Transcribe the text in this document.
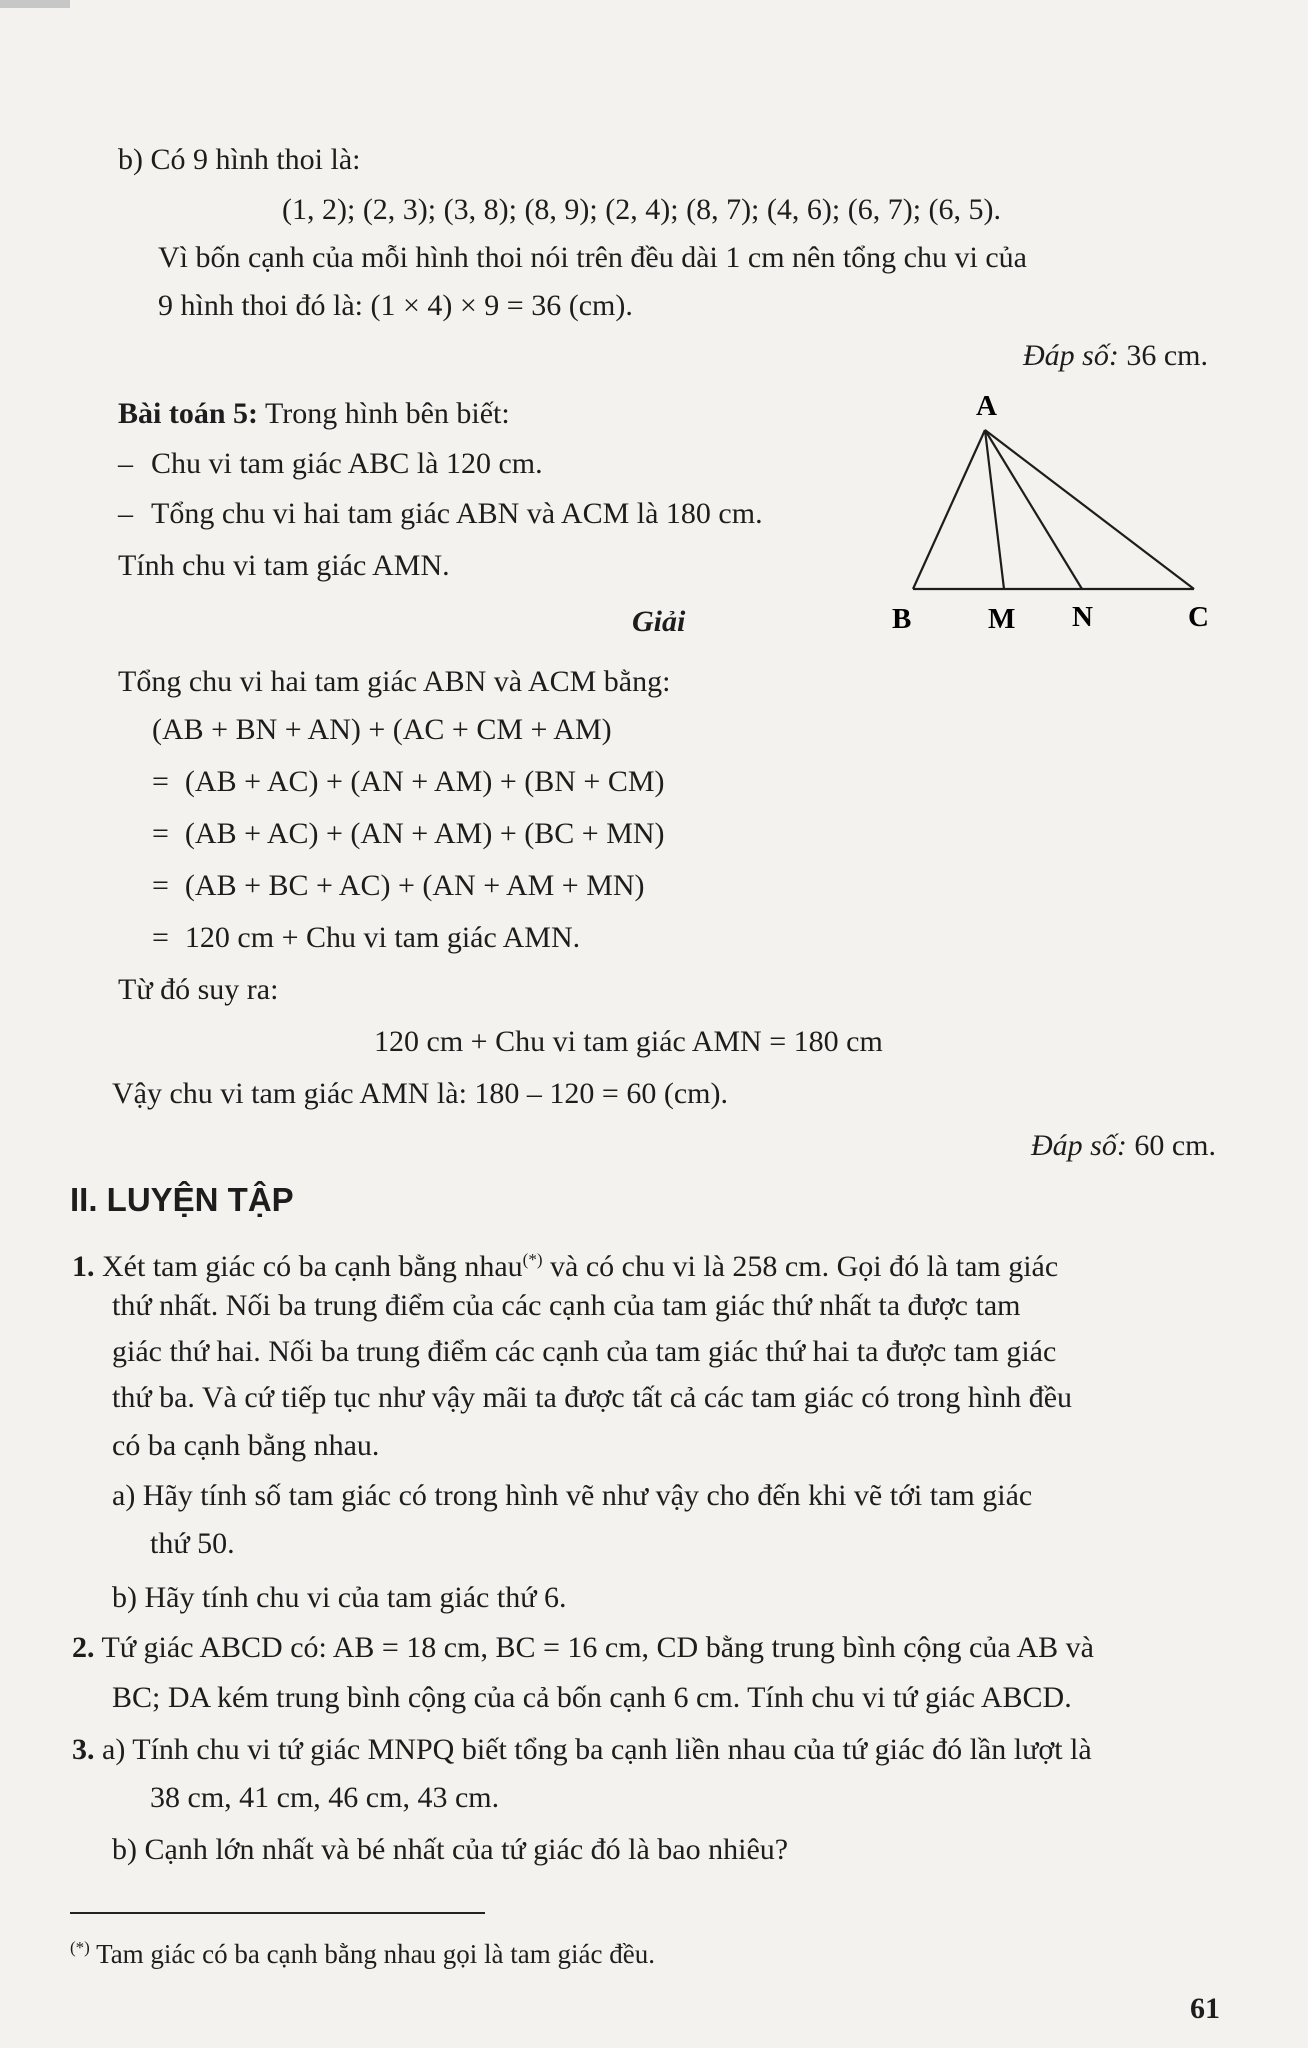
b) Có 9 hình thoi là:
(1, 2); (2, 3); (3, 8); (8, 9); (2, 4); (8, 7); (4, 6); (6, 7); (6, 5).
Vì bốn cạnh của mỗi hình thoi nói trên đều dài 1 cm nên tổng chu vi của
9 hình thoi đó là: (1 × 4) × 9 = 36 (cm).
Đáp số: 36 cm.
Bài toán 5: Trong hình bên biết:
– Chu vi tam giác ABC là 120 cm.
– Tổng chu vi hai tam giác ABN và ACM là 180 cm.
Tính chu vi tam giác AMN.
Giải
A
B	M N	C
Tổng chu vi hai tam giác ABN và ACM bằng:
(AB + BN + AN) + (AC + CM + AM)
= (AB + AC) + (AN + AM) + (BN + CM)
= (AB + AC) + (AN + AM) + (BC + MN)
= (AB + BC + AC) + (AN + AM + MN)
= 120 cm + Chu vi tam giác AMN.
Từ đó suy ra:
120 cm + Chu vi tam giác AMN = 180 cm
Vậy chu vi tam giác AMN là: 180 – 120 = 60 (cm).
Đáp số: 60 cm.
II. LUYỆN TẬP
1. Xét tam giác có ba cạnh bằng nhau(*) và có chu vi là 258 cm. Gọi đó là tam giác
thứ nhất. Nối ba trung điểm của các cạnh của tam giác thứ nhất ta được tam
giác thứ hai. Nối ba trung điểm các cạnh của tam giác thứ hai ta được tam giác
thứ ba. Và cứ tiếp tục như vậy mãi ta được tất cả các tam giác có trong hình đều
có ba cạnh bằng nhau.
a) Hãy tính số tam giác có trong hình vẽ như vậy cho đến khi vẽ tới tam giác
thứ 50.
b) Hãy tính chu vi của tam giác thứ 6.
2. Tứ giác ABCD có: AB = 18 cm, BC = 16 cm, CD bằng trung bình cộng của AB và
BC; DA kém trung bình cộng của cả bốn cạnh 6 cm. Tính chu vi tứ giác ABCD.
3. a) Tính chu vi tứ giác MNPQ biết tổng ba cạnh liền nhau của tứ giác đó lần lượt là
38 cm, 41 cm, 46 cm, 43 cm.
b) Cạnh lớn nhất và bé nhất của tứ giác đó là bao nhiêu?
(*) Tam giác có ba cạnh bằng nhau gọi là tam giác đều.
61
